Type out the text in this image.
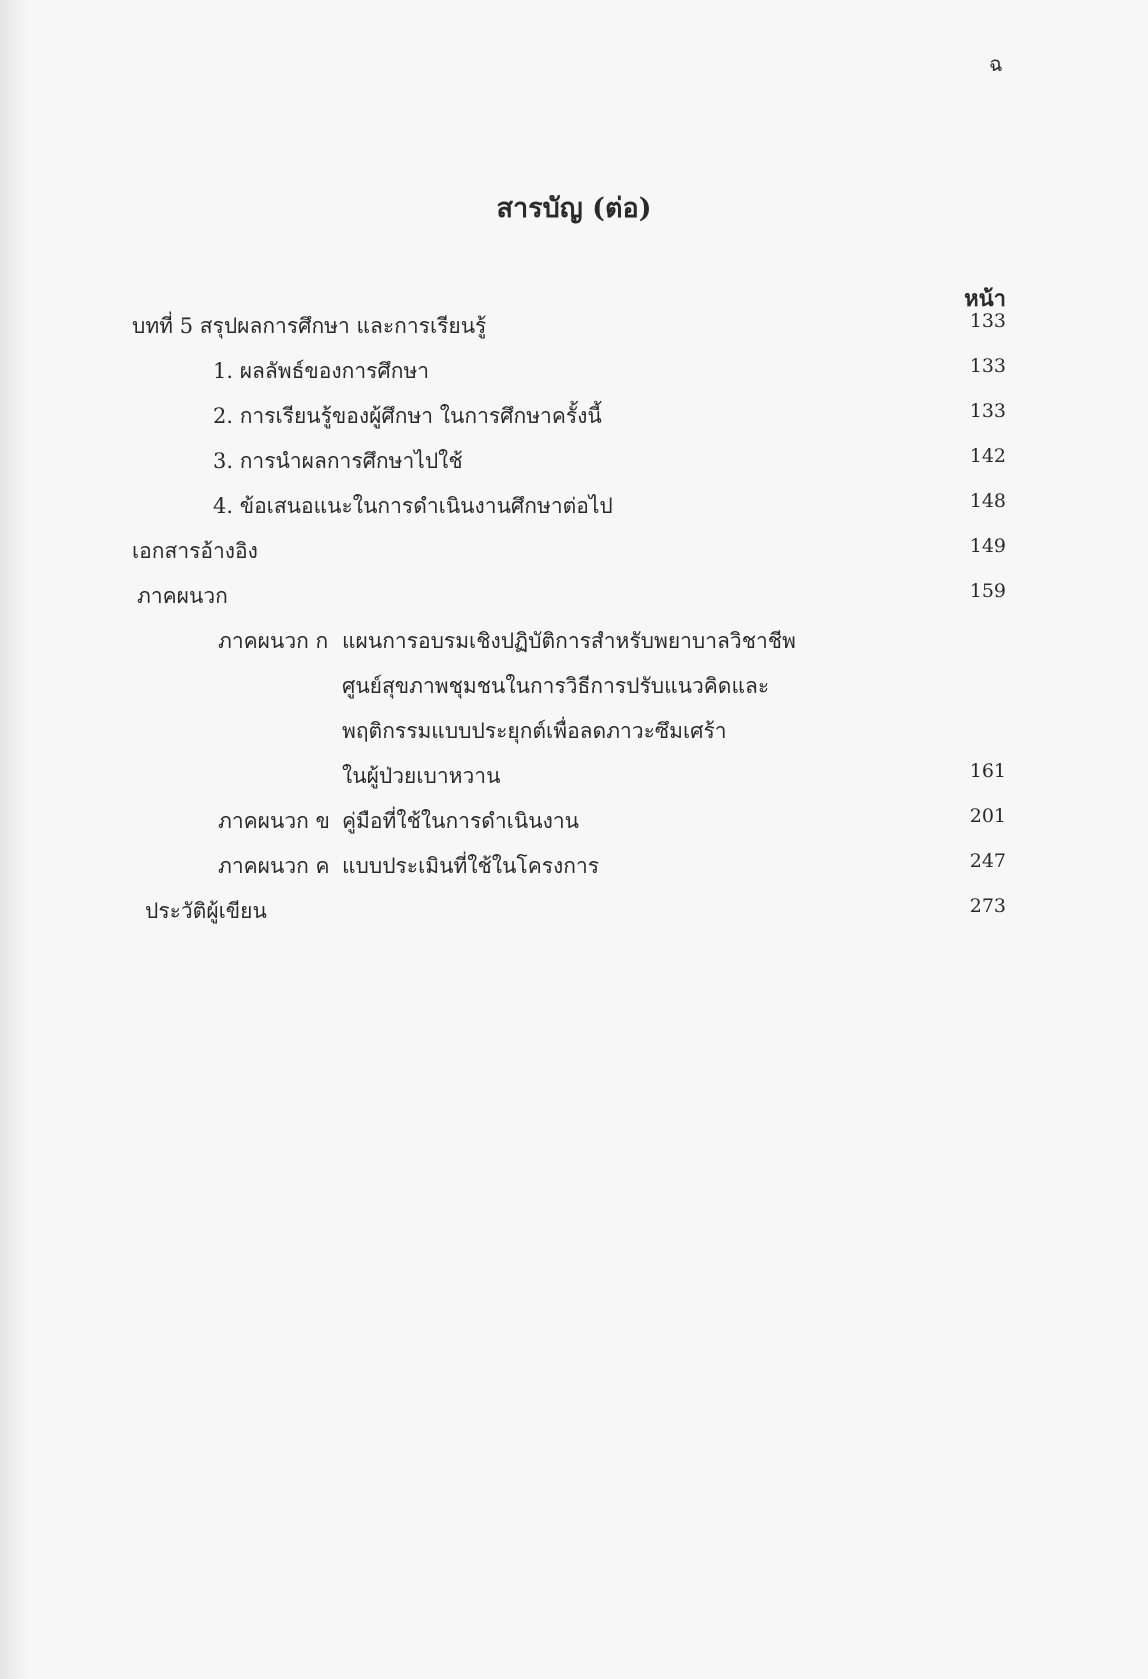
ฉ
สารบัญ (ต่อ)
หน้า
บทที่ 5 สรุปผลการศึกษา และการเรียนรู้	133
1. ผลลัพธ์ของการศึกษา	133
2. การเรียนรู้ของผู้ศึกษา ในการศึกษาครั้งนี้	133
3. การนำผลการศึกษาไปใช้	142
4. ข้อเสนอแนะในการดำเนินงานศึกษาต่อไป	148
เอกสารอ้างอิง	149
ภาคผนวก	159
ภาคผนวก ก แผนการอบรมเชิงปฏิบัติการสำหรับพยาบาลวิชาชีพ
ศูนย์สุขภาพชุมชนในการวิธีการปรับแนวคิดและ
พฤติกรรมแบบประยุกต์เพื่อลดภาวะซึมเศร้า
ในผู้ป่วยเบาหวาน	161
ภาคผนวก ข คู่มือที่ใช้ในการดำเนินงาน	201
ภาคผนวก ค แบบประเมินที่ใช้ในโครงการ	247
ประวัติผู้เขียน	273
